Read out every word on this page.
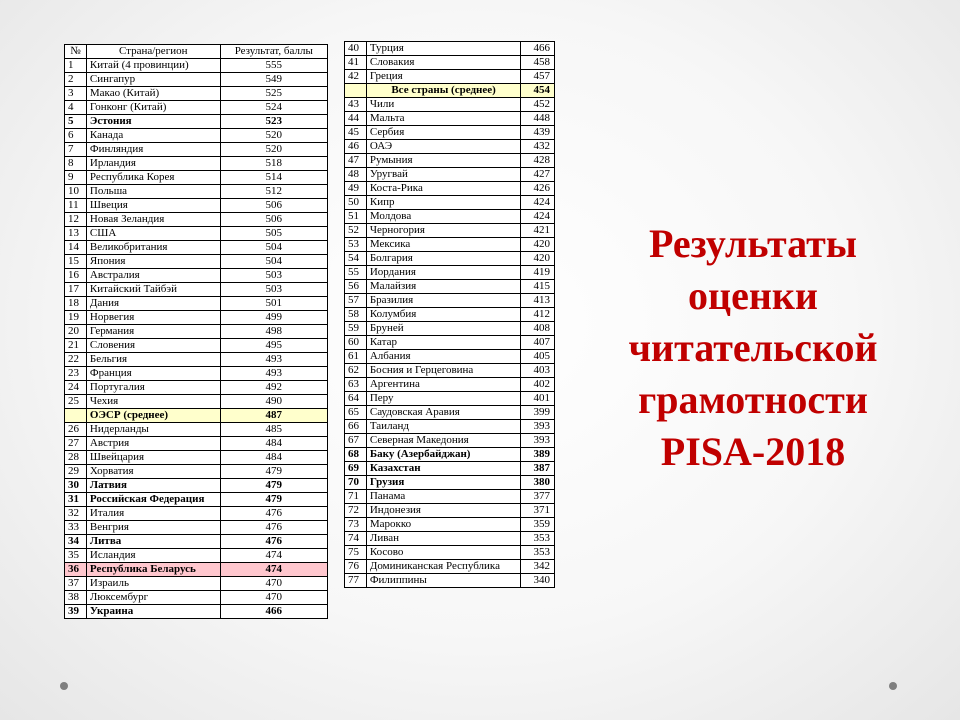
№	Страна/регион	Результат, баллы
1	Китай (4 провинции)	555
2	Сингапур	549
3	Макао (Китай)	525
4	Гонконг (Китай)	524
5	Эстония	523
6	Канада	520
7	Финляндия	520
8	Ирландия	518
9	Республика Корея	514
10	Польша	512
11	Швеция	506
12	Новая Зеландия	506
13	США	505
14	Великобритания	504
15	Япония	504
16	Австралия	503
17	Китайский Тайбэй	503
18	Дания	501
19	Норвегия	499
20	Германия	498
21	Словения	495
22	Бельгия	493
23	Франция	493
24	Португалия	492
25	Чехия	490
	ОЭСР (среднее)	487
26	Нидерланды	485
27	Австрия	484
28	Швейцария	484
29	Хорватия	479
30	Латвия	479
31	Российская Федерация	479
32	Италия	476
33	Венгрия	476
34	Литва	476
35	Исландия	474
36	Республика Беларусь	474
37	Израиль	470
38	Люксембург	470
39	Украина	466
40	Турция	466
41	Словакия	458
42	Греция	457
	Все страны (среднее)	454
43	Чили	452
44	Мальта	448
45	Сербия	439
46	ОАЭ	432
47	Румыния	428
48	Уругвай	427
49	Коста-Рика	426
50	Кипр	424
51	Молдова	424
52	Черногория	421
53	Мексика	420
54	Болгария	420
55	Иордания	419
56	Малайзия	415
57	Бразилия	413
58	Колумбия	412
59	Бруней	408
60	Катар	407
61	Албания	405
62	Босния и Герцеговина	403
63	Аргентина	402
64	Перу	401
65	Саудовская Аравия	399
66	Таиланд	393
67	Северная Македония	393
68	Баку (Азербайджан)	389
69	Казахстан	387
70	Грузия	380
71	Панама	377
72	Индонезия	371
73	Марокко	359
74	Ливан	353
75	Косово	353
76	Доминиканская Республика	342
77	Филиппины	340
Результаты
оценки
читательской
грамотности
PISA-2018
